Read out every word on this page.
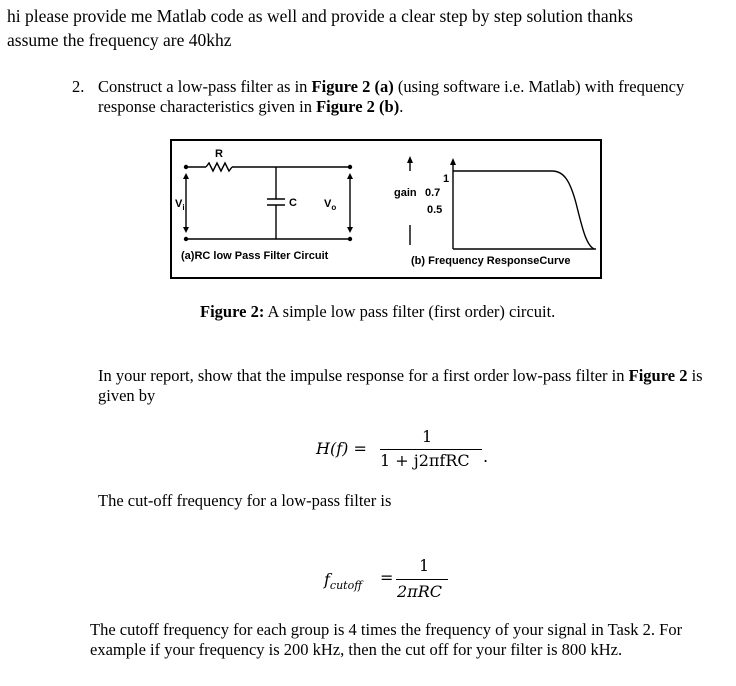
hi please provide me Matlab code as well and provide a clear step by step solution thanks
assume the frequency are 40khz
2. Construct a low-pass filter as in Figure 2 (a) (using software i.e. Matlab) with frequency response characteristics given in Figure 2 (b).
R
C
$V_i$	$V_o$
(a)RC low Pass Filter Circuit
gain
1
0.7
0.5
(b) Frequency ResponseCurve
Figure 2: A simple low pass filter (first order) circuit.
In your report, show that the impulse response for a first order low-pass filter in Figure 2 is given by
H(f) =
1
1 + j2πfRC .
The cut-off frequency for a low-pass filter is
$f_{cutoff}$ =
1
2πRC
The cutoff frequency for each group is 4 times the frequency of your signal in Task 2. For example if your frequency is 200 kHz, then the cut off for your filter is 800 kHz.
